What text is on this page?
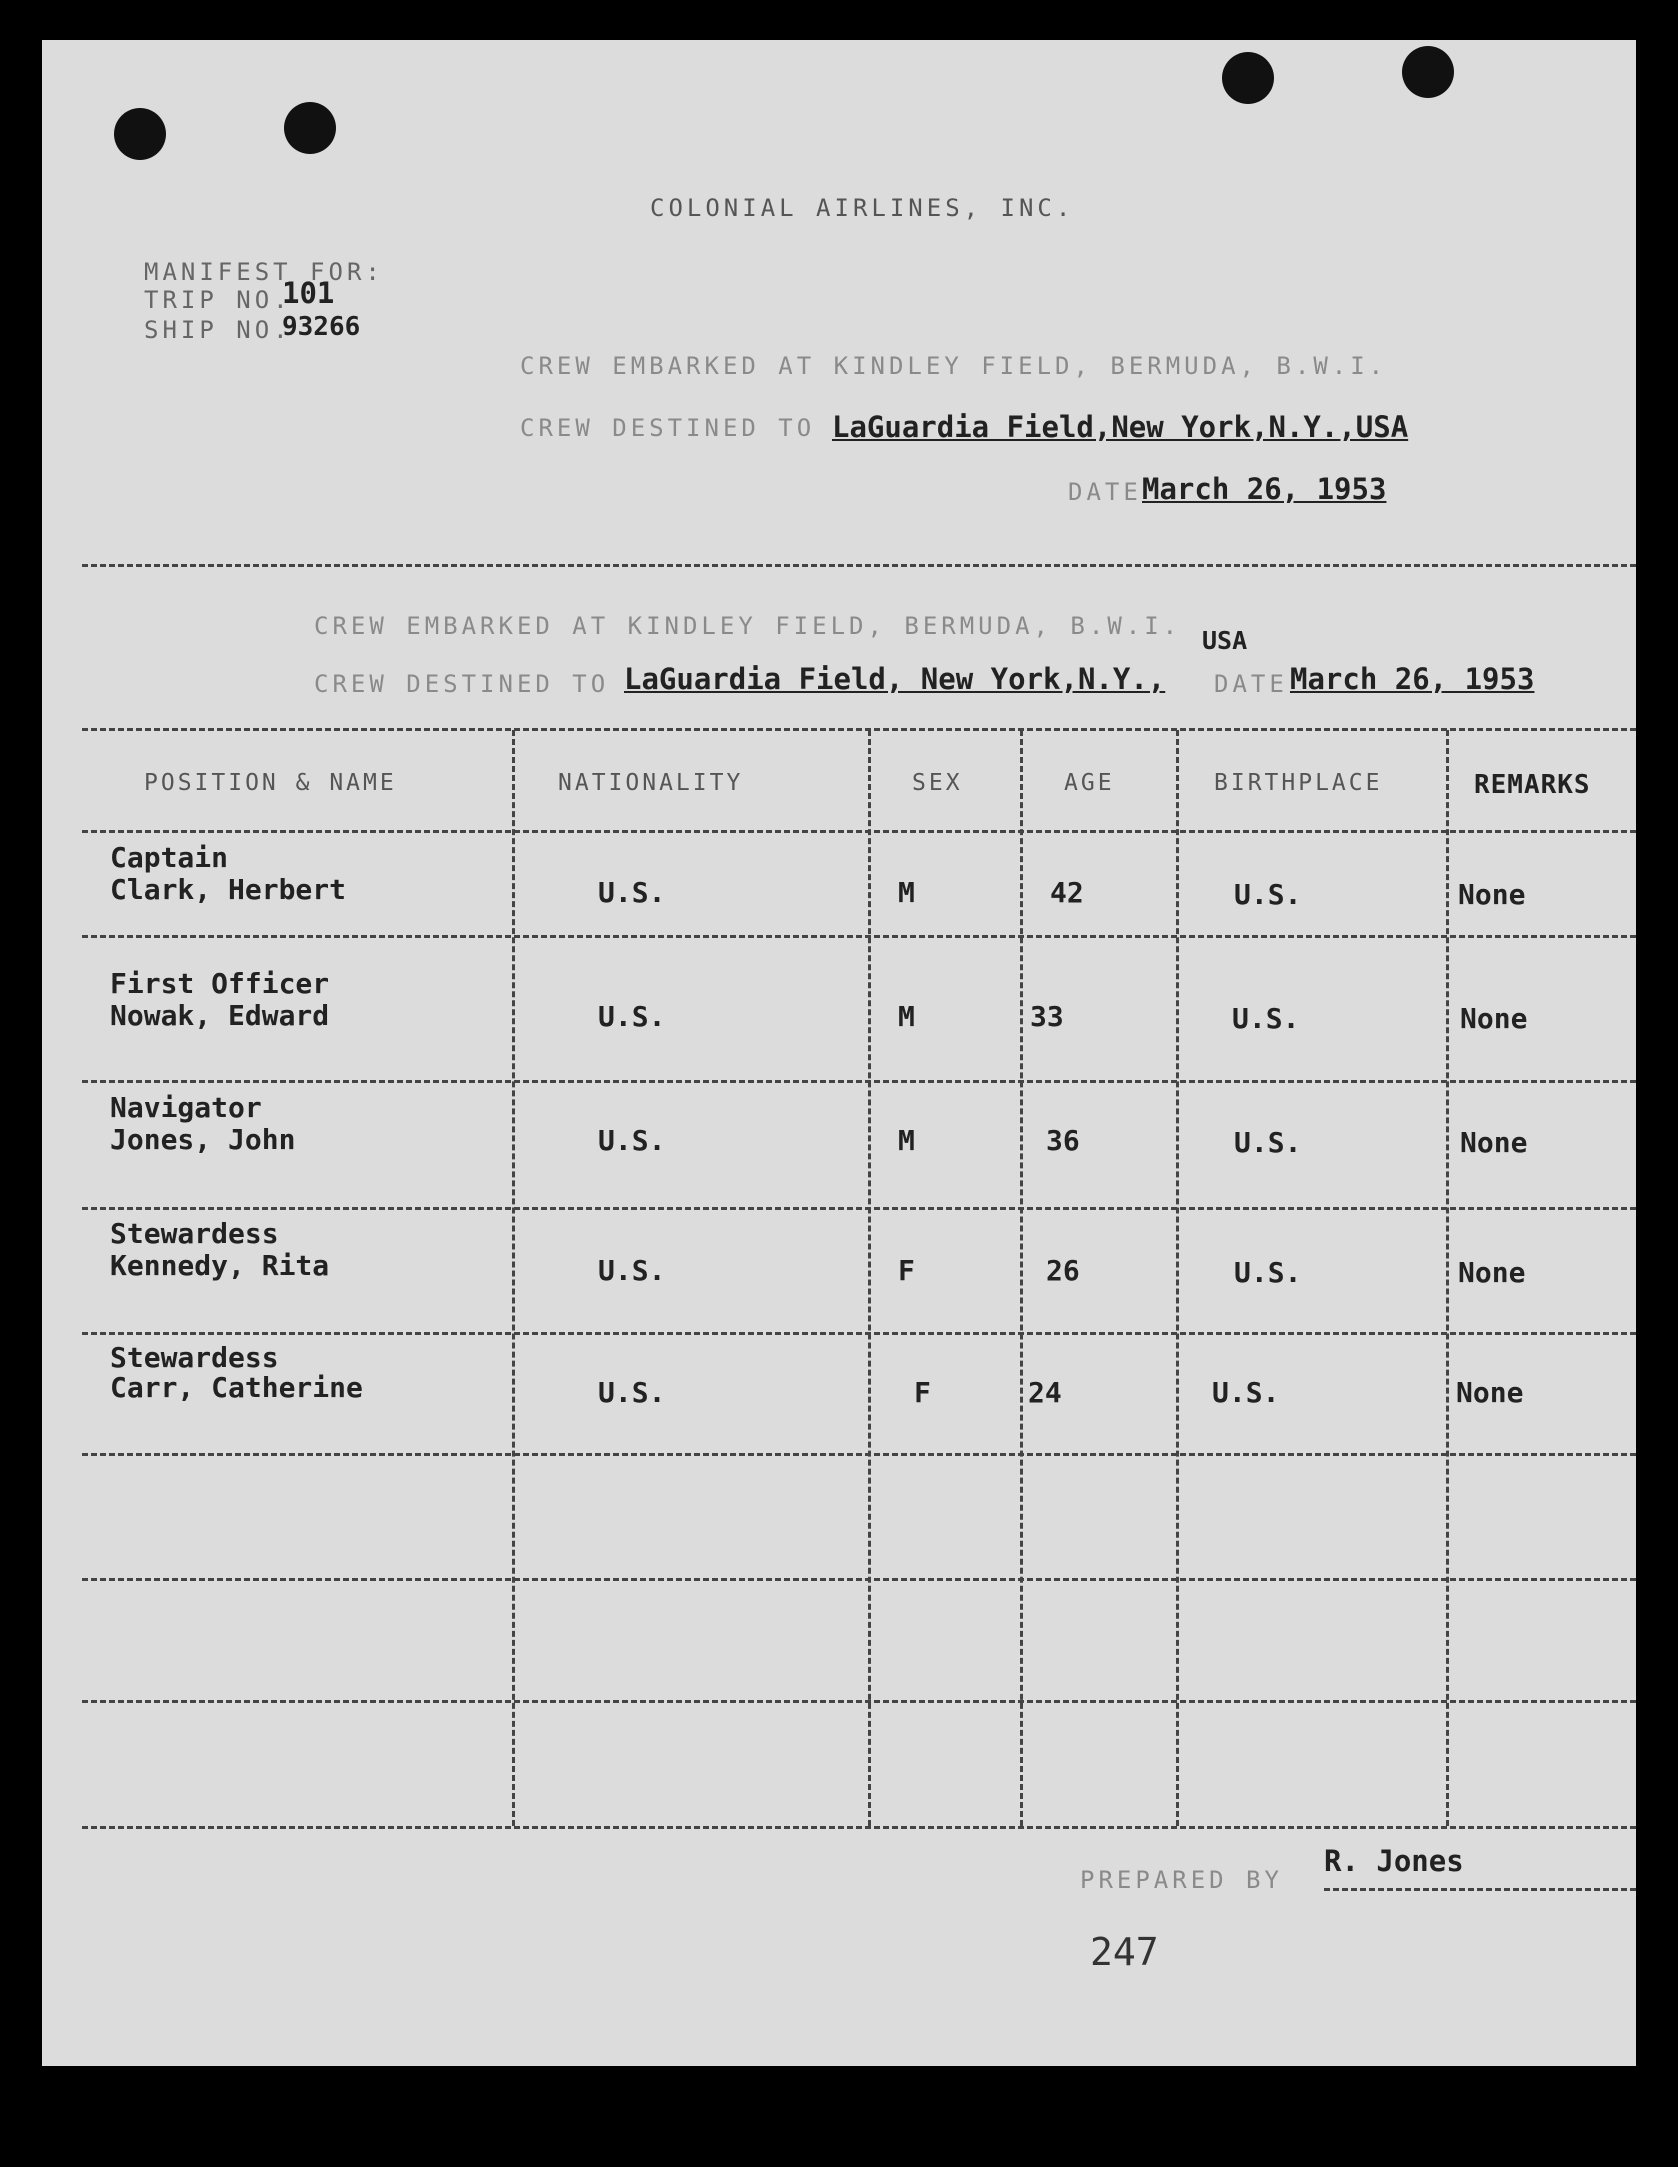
COLONIAL AIRLINES, INC.
MANIFEST FOR:
TRIP NO.
101
SHIP NO.
93266
CREW EMBARKED AT KINDLEY FIELD, BERMUDA, B.W.I.
CREW DESTINED TO LaGuardia Field,New York,N.Y.,USA
DATE March 26, 1953
CREW EMBARKED AT KINDLEY FIELD, BERMUDA, B.W.I. USA
CREW DESTINED TO LaGuardia Field, New York,N.Y., DATE March 26, 1953
POSITION & NAME	NATIONALITY	SEX	AGE	BIRTHPLACE	REMARKS
Captain
Clark, Herbert	U.S.	M	42	U.S.	None
First Officer
Nowak, Edward	U.S.	M	33	U.S.	None
Navigator
Jones, John	U.S.	M	36	U.S.	None
Stewardess
Kennedy, Rita	U.S.	F	26	U.S.	None
Stewardess
Carr, Catherine	U.S.	F	24	U.S.	None
PREPARED BY
R. Jones
247
